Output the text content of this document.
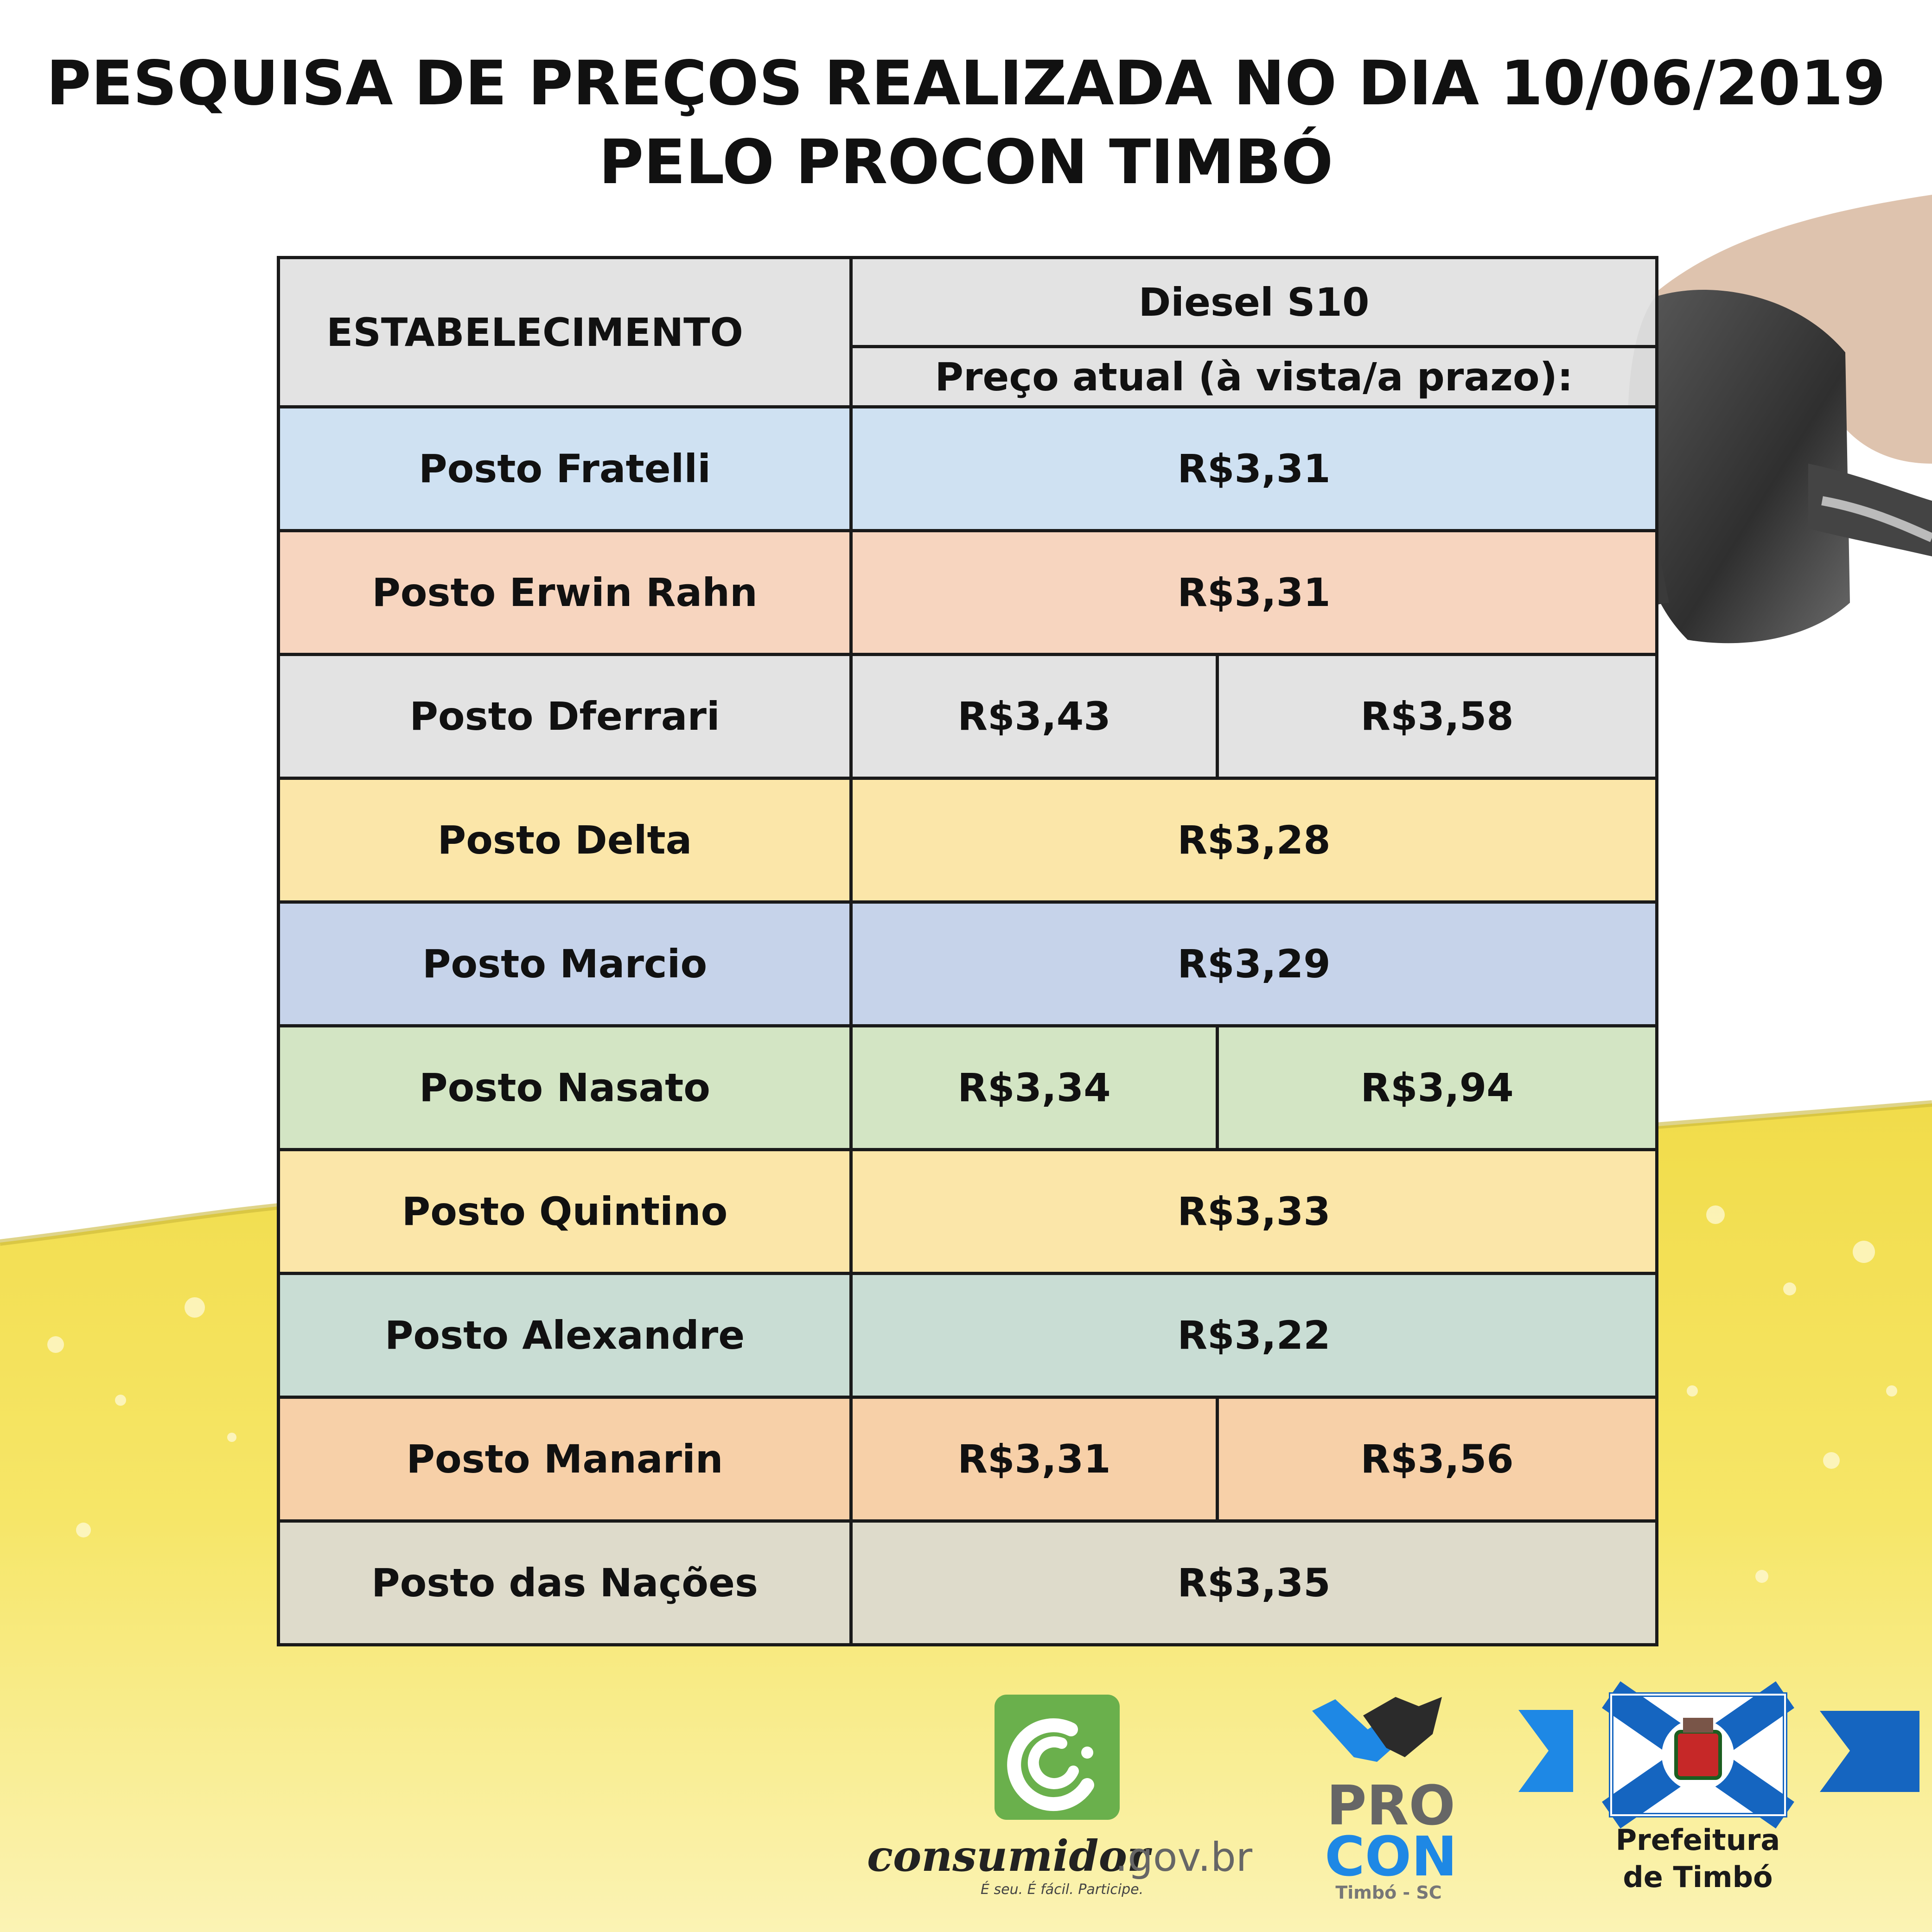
PESQUISA DE PREÇOS REALIZADA NO DIA 10/06/2019
PELO PROCON TIMBÓ
ESTABELECIMENTO	Diesel S10	
	Preço atual (à vista/a prazo):	
Posto Fratelli	R$3,31	
Posto Erwin Rahn	R$3,31	
Posto Dferrari	R$3,43	R$3,58
Posto Delta	R$3,28	
Posto Marcio	R$3,29	
Posto Nasato	R$3,34	R$3,94
Posto Quintino	R$3,33	
Posto Alexandre	R$3,22	
Posto Manarin	R$3,31	R$3,56
Posto das Nações	R$3,35	
consumidor
.gov.br
É seu. É fácil. Participe.
PRO
CON
Timbó - SC
Prefeitura
de Timbó
